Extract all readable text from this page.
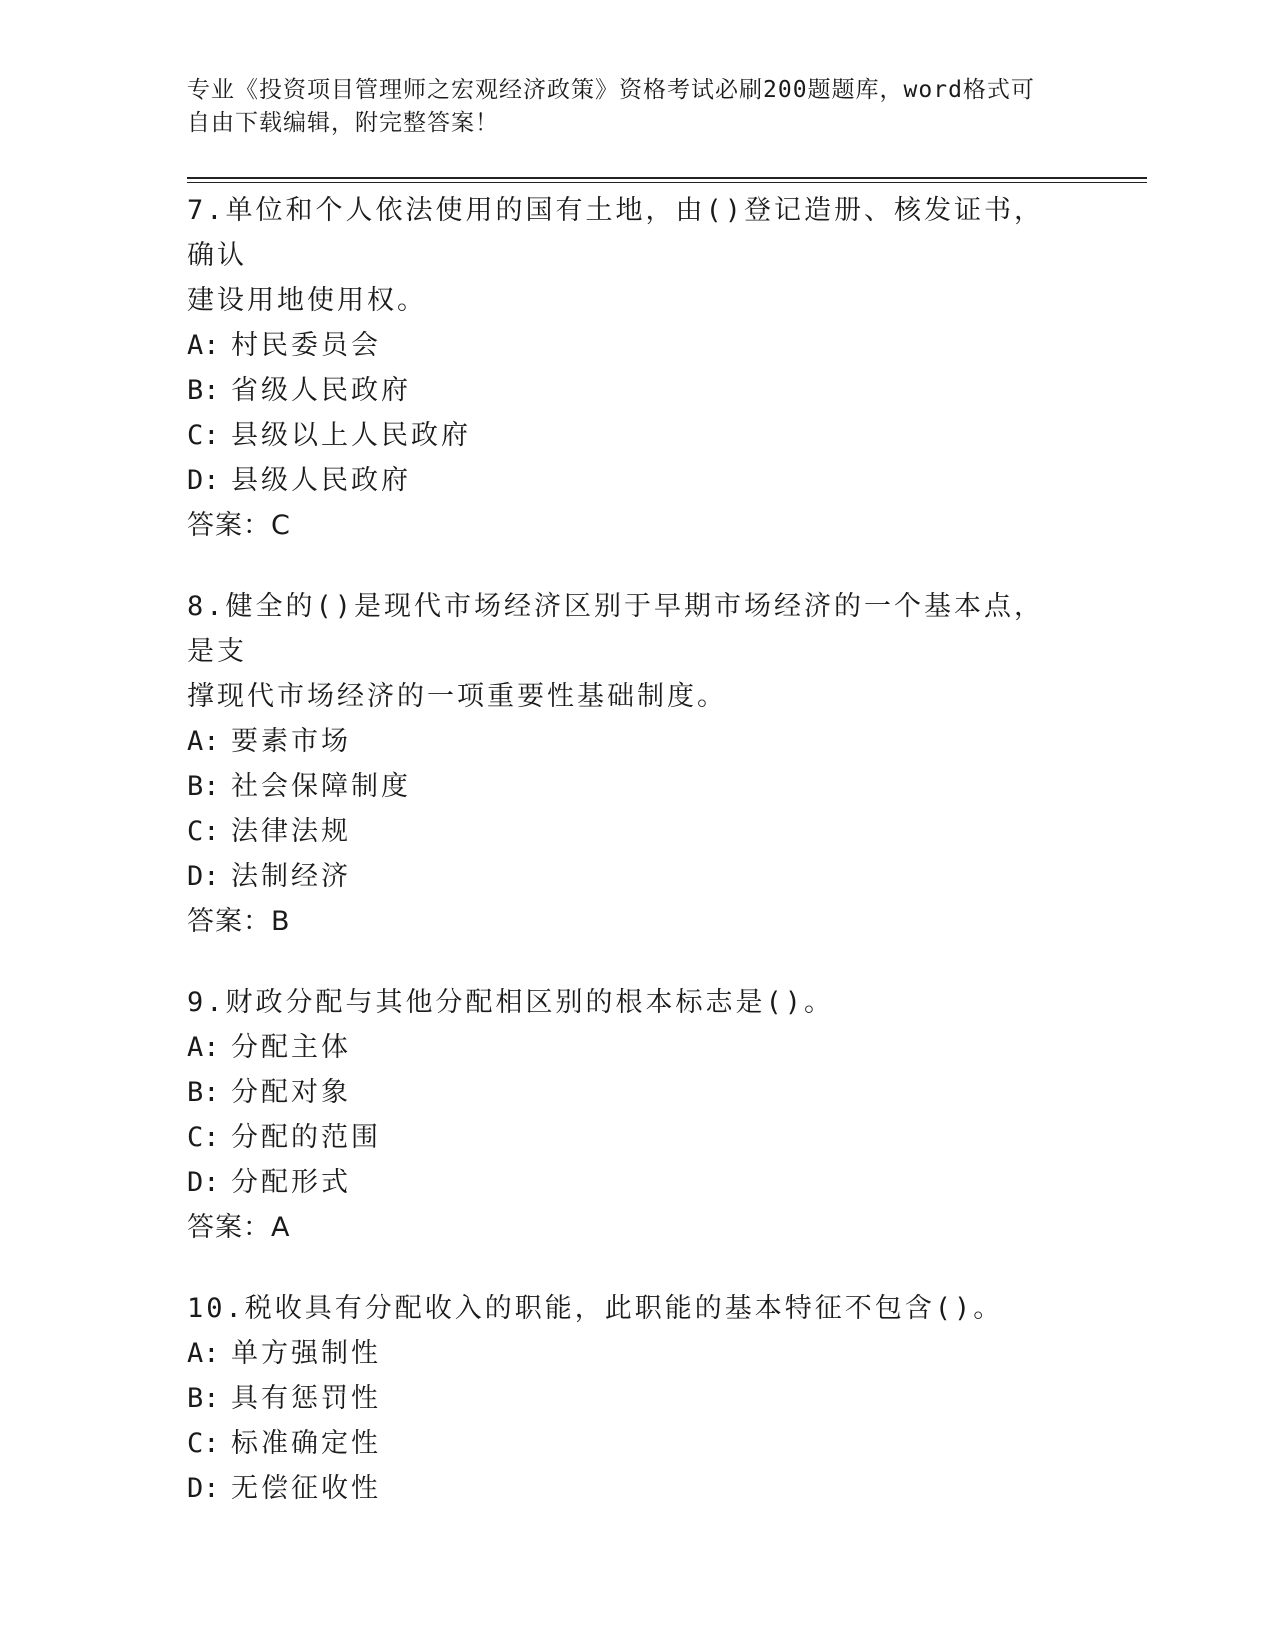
专业《投资项目管理师之宏观经济政策》资格考试必刷200题题库，word格式可
自由下载编辑，附完整答案！

7.单位和个人依法使用的国有土地，由()登记造册、核发证书，确认
建设用地使用权。

A: 村民委员会

B: 省级人民政府

C: 县级以上人民政府

D: 县级人民政府

答案：C

8.健全的()是现代市场经济区别于早期市场经济的一个基本点，是支
撑现代市场经济的一项重要性基础制度。

A: 要素市场

B: 社会保障制度

C: 法律法规

D: 法制经济

答案：B

9.财政分配与其他分配相区别的根本标志是()。

A: 分配主体

B: 分配对象

C: 分配的范围

D: 分配形式

答案：A

10.税收具有分配收入的职能，此职能的基本特征不包含()。

A: 单方强制性

B: 具有惩罚性

C: 标准确定性

D: 无偿征收性
